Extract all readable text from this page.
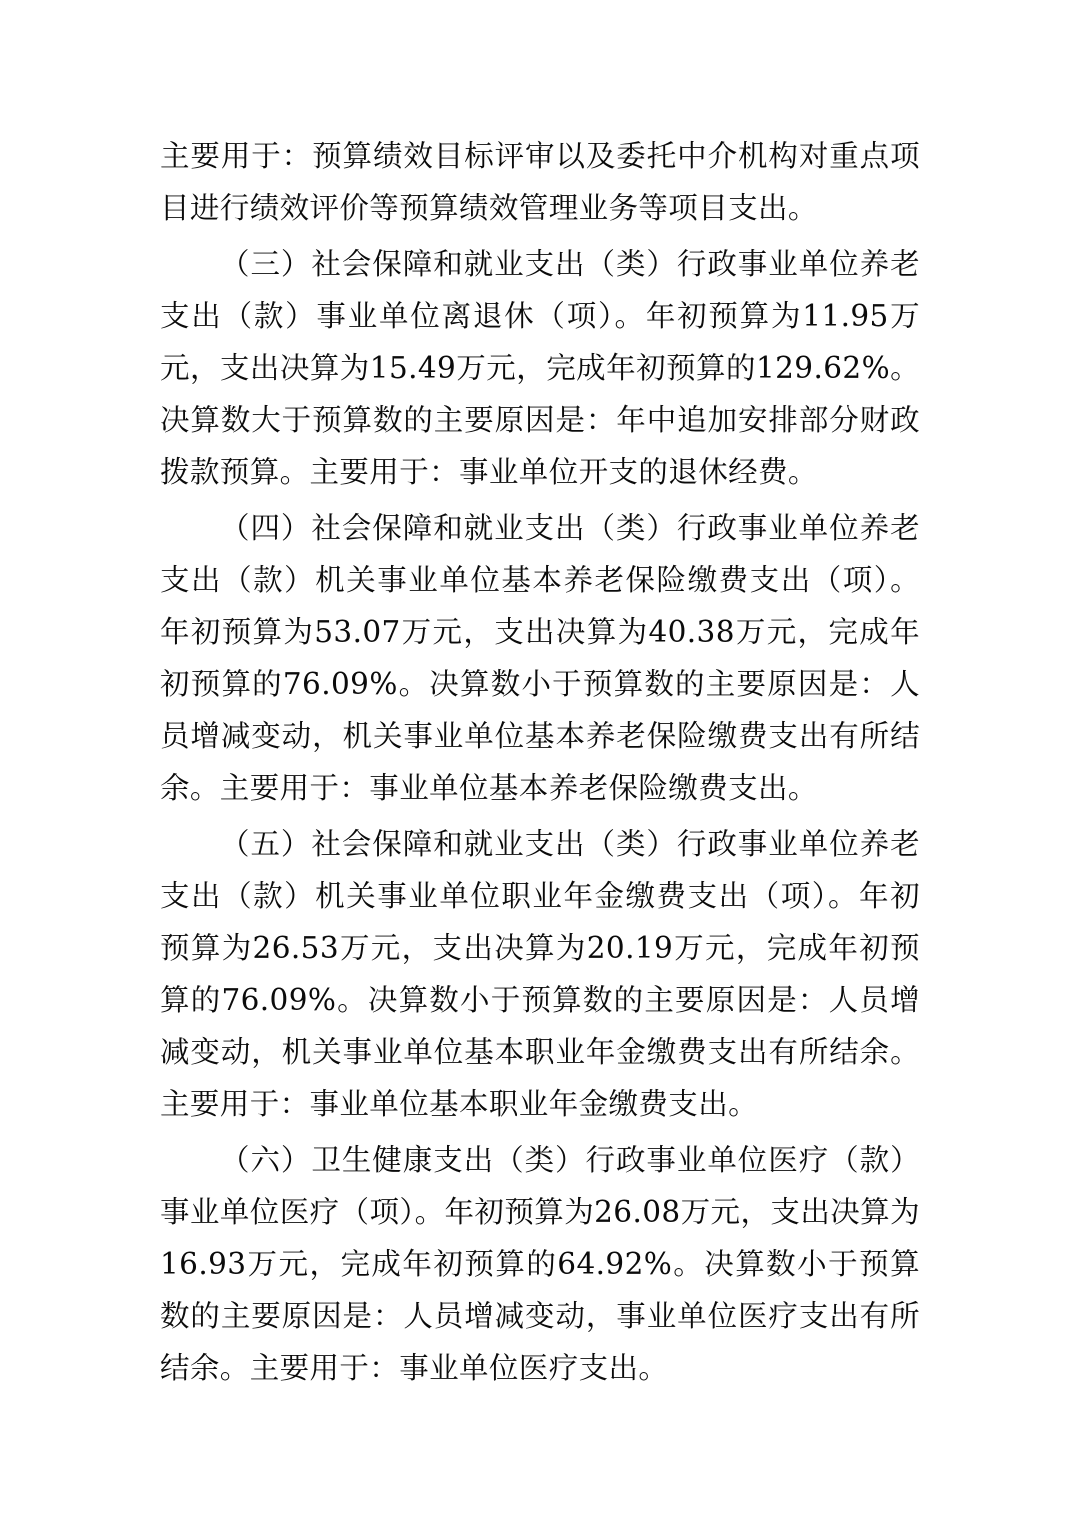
主要用于：预算绩效目标评审以及委托中介机构对重点项目进行绩效评价等预算绩效管理业务等项目支出。

（三）社会保障和就业支出（类）行政事业单位养老支出（款）事业单位离退休（项）。年初预算为11.95万元，支出决算为15.49万元，完成年初预算的129.62%。决算数大于预算数的主要原因是：年中追加安排部分财政拨款预算。主要用于：事业单位开支的退休经费。

（四）社会保障和就业支出（类）行政事业单位养老支出（款）机关事业单位基本养老保险缴费支出（项）。年初预算为53.07万元，支出决算为40.38万元，完成年初预算的76.09%。决算数小于预算数的主要原因是：人员增减变动，机关事业单位基本养老保险缴费支出有所结余。主要用于：事业单位基本养老保险缴费支出。

（五）社会保障和就业支出（类）行政事业单位养老支出（款）机关事业单位职业年金缴费支出（项）。年初预算为26.53万元，支出决算为20.19万元，完成年初预算的76.09%。决算数小于预算数的主要原因是：人员增减变动，机关事业单位基本职业年金缴费支出有所结余。主要用于：事业单位基本职业年金缴费支出。

（六）卫生健康支出（类）行政事业单位医疗（款）事业单位医疗（项）。年初预算为26.08万元，支出决算为16.93万元，完成年初预算的64.92%。决算数小于预算数的主要原因是：人员增减变动，事业单位医疗支出有所结余。主要用于：事业单位医疗支出。
